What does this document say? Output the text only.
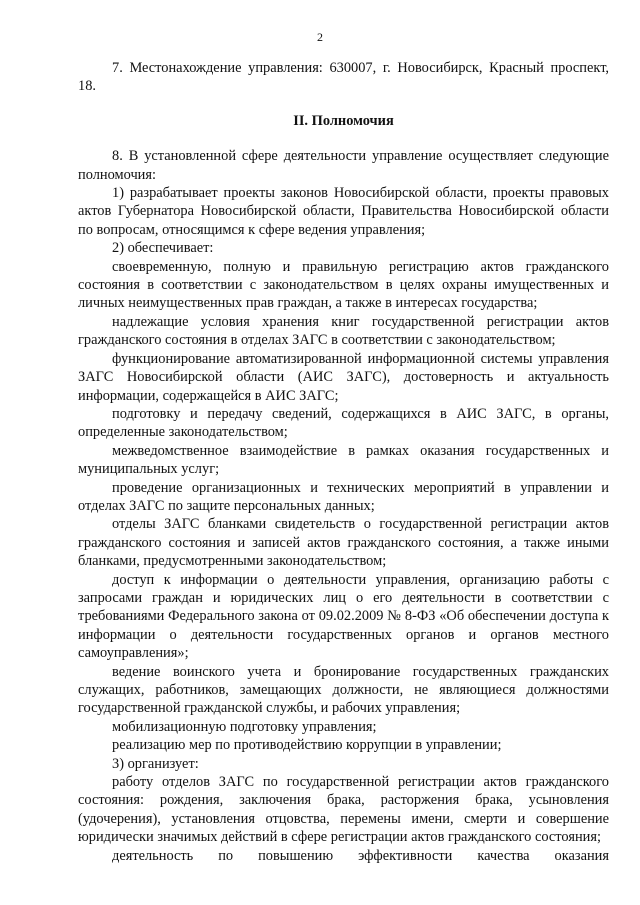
2

7. Местонахождение управления: 630007, г. Новосибирск, Красный проспект, 18.

II. Полномочия

8. В установленной сфере деятельности управление осуществляет следующие полномочия:

1) разрабатывает проекты законов Новосибирской области, проекты правовых актов Губернатора Новосибирской области, Правительства Новосибирской области по вопросам, относящимся к сфере ведения управления;

2) обеспечивает:

своевременную, полную и правильную регистрацию актов гражданского состояния в соответствии с законодательством в целях охраны имущественных и личных неимущественных прав граждан, а также в интересах государства;

надлежащие условия хранения книг государственной регистрации актов гражданского состояния в отделах ЗАГС в соответствии с законодательством;

функционирование автоматизированной информационной системы управления ЗАГС Новосибирской области (АИС ЗАГС), достоверность и актуальность информации, содержащейся в АИС ЗАГС;

подготовку и передачу сведений, содержащихся в АИС ЗАГС, в органы, определенные законодательством;

межведомственное взаимодействие в рамках оказания государственных и муниципальных услуг;

проведение организационных и технических мероприятий в управлении и отделах ЗАГС по защите персональных данных;

отделы ЗАГС бланками свидетельств о государственной регистрации актов гражданского состояния и записей актов гражданского состояния, а также иными бланками, предусмотренными законодательством;

доступ к информации о деятельности управления, организацию работы с запросами граждан и юридических лиц о его деятельности в соответствии с требованиями Федерального закона от 09.02.2009 № 8-ФЗ «Об обеспечении доступа к информации о деятельности государственных органов и органов местного самоуправления»;

ведение воинского учета и бронирование государственных гражданских служащих, работников, замещающих должности, не являющиеся должностями государственной гражданской службы, и рабочих управления;

мобилизационную подготовку управления;

реализацию мер по противодействию коррупции в управлении;

3) организует:

работу отделов ЗАГС по государственной регистрации актов гражданского состояния: рождения, заключения брака, расторжения брака, усыновления (удочерения), установления отцовства, перемены имени, смерти и совершение юридически значимых действий в сфере регистрации актов гражданского состояния;

деятельность по повышению эффективности качества оказания
